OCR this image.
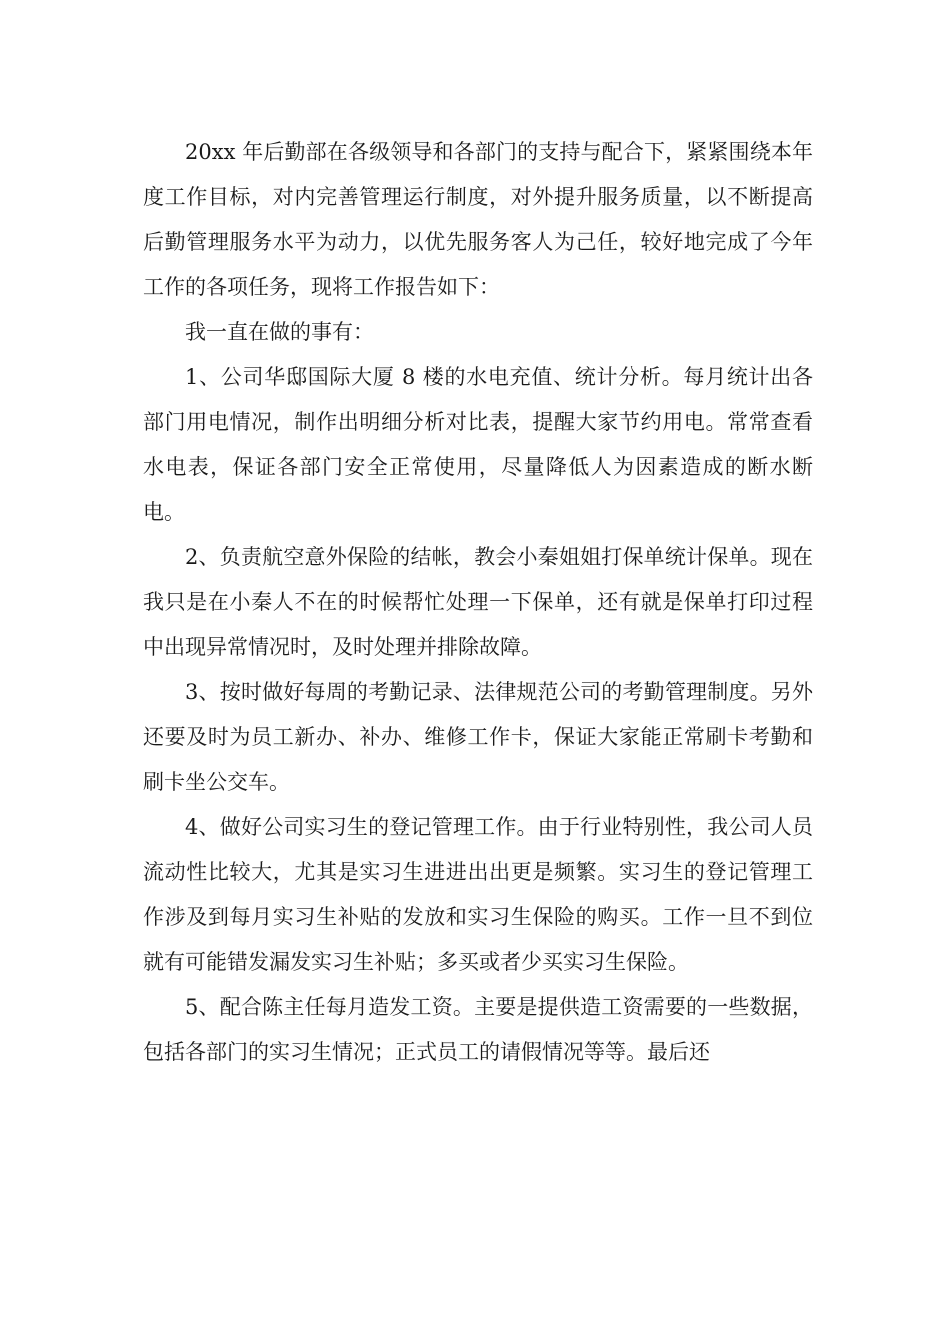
20xx 年后勤部在各级领导和各部门的支持与配合下，紧紧围绕本年度工作目标，对内完善管理运行制度，对外提升服务质量，以不断提高后勤管理服务水平为动力，以优先服务客人为己任，较好地完成了今年工作的各项任务，现将工作报告如下：

我一直在做的事有：

1、公司华邸国际大厦 8 楼的水电充值、统计分析。每月统计出各部门用电情况，制作出明细分析对比表，提醒大家节约用电。常常查看水电表，保证各部门安全正常使用，尽量降低人为因素造成的断水断电。

2、负责航空意外保险的结帐，教会小秦姐姐打保单统计保单。现在我只是在小秦人不在的时候帮忙处理一下保单，还有就是保单打印过程中出现异常情况时，及时处理并排除故障。

3、按时做好每周的考勤记录、法律规范公司的考勤管理制度。另外还要及时为员工新办、补办、维修工作卡，保证大家能正常刷卡考勤和刷卡坐公交车。

4、做好公司实习生的登记管理工作。由于行业特别性，我公司人员流动性比较大，尤其是实习生进进出出更是频繁。实习生的登记管理工作涉及到每月实习生补贴的发放和实习生保险的购买。工作一旦不到位就有可能错发漏发实习生补贴；多买或者少买实习生保险。

5、配合陈主任每月造发工资。主要是提供造工资需要的一些数据，包括各部门的实习生情况；正式员工的请假情况等等。最后还
